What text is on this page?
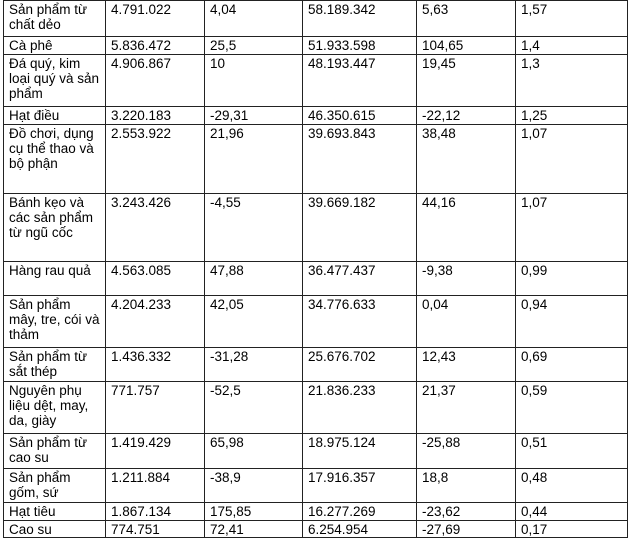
Sản phẩm từ chất dẻo	4.791.022	4,04	58.189.342	5,63	1,57
Cà phê	5.836.472	25,5	51.933.598	104,65	1,4
Đá quý, kim loại quý và sản phẩm	4.906.867	10	48.193.447	19,45	1,3
Hạt điều	3.220.183	-29,31	46.350.615	-22,12	1,25
Đồ chơi, dụng cụ thể thao và bộ phận	2.553.922	21,96	39.693.843	38,48	1,07
Bánh kẹo và các sản phẩm từ ngũ cốc	3.243.426	-4,55	39.669.182	44,16	1,07
Hàng rau quả	4.563.085	47,88	36.477.437	-9,38	0,99
Sản phẩm mây, tre, cói và thảm	4.204.233	42,05	34.776.633	0,04	0,94
Sản phẩm từ sắt thép	1.436.332	-31,28	25.676.702	12,43	0,69
Nguyên phụ liệu dệt, may, da, giày	771.757	-52,5	21.836.233	21,37	0,59
Sản phẩm từ cao su	1.419.429	65,98	18.975.124	-25,88	0,51
Sản phẩm gốm, sứ	1.211.884	-38,9	17.916.357	18,8	0,48
Hạt tiêu	1.867.134	175,85	16.277.269	-23,62	0,44
Cao su	774.751	72,41	6.254.954	-27,69	0,17
